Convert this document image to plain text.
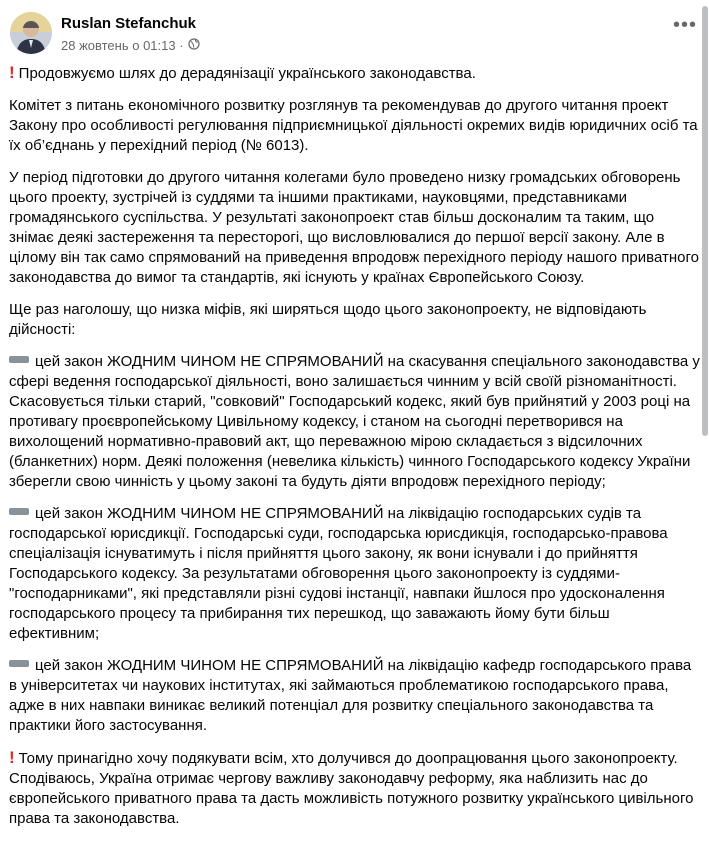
Ruslan Stefanchuk
28 жовтень о 01:13 ·
•••

! Продовжуємо шлях до дерадянізації українського законодавства.

Комітет з питань економічного розвитку розглянув та рекомендував до другого читання проект Закону про особливості регулювання підприємницької діяльності окремих видів юридичних осіб та їх об’єднань у перехідний період (№ 6013).

У період підготовки до другого читання колегами було проведено низку громадських обговорень цього проекту, зустрічей із суддями та іншими практиками, науковцями, представниками громадянського суспільства. У результаті законопроект став більш досконалим та таким, що знімає деякі застереження та пересторогі, що висловлювалися до першої версії закону. Але в цілому він так само спрямований на приведення впродовж перехідного періоду нашого приватного законодавства до вимог та стандартів, які існують у країнах Європейського Союзу.

Ще раз наголошу, що низка міфів, які ширяться щодо цього законопроекту, не відповідають дійсності:

цей закон ЖОДНИМ ЧИНОМ НЕ СПРЯМОВАНИЙ на скасування спеціального законодавства у сфері ведення господарської діяльності, воно залишається чинним у всій своїй різноманітності. Скасовується тільки старий, "совковий" Господарський кодекс, який був прийнятий у 2003 році на противагу проєвропейському Цивільному кодексу, і станом на сьогодні перетворився на вихолощений нормативно-правовий акт, що переважною мірою складається з відсилочних (бланкетних) норм. Деякі положення (невелика кількість) чинного Господарського кодексу України зберегли свою чинність у цьому законі та будуть діяти впродовж перехідного періоду;

цей закон ЖОДНИМ ЧИНОМ НЕ СПРЯМОВАНИЙ на ліквідацію господарських судів та господарської юрисдикції. Господарські суди, господарська юрисдикція, господарсько-правова спеціалізація існуватимуть і після прийняття цього закону, як вони існували і до прийняття Господарського кодексу. За результатами обговорення цього законопроекту із суддями-"господарниками", які представляли різні судові інстанції, навпаки йшлося про удосконалення господарського процесу та прибирання тих перешкод, що заважають йому бути більш ефективним;

цей закон ЖОДНИМ ЧИНОМ НЕ СПРЯМОВАНИЙ на ліквідацію кафедр господарського права в університетах чи наукових інститутах, які займаються проблематикою господарського права, адже в них навпаки виникає великий потенціал для розвитку спеціального законодавства та практики його застосування.

! Тому принагідно хочу подякувати всім, хто долучився до доопрацювання цього законопроекту. Сподіваюсь, Україна отримає чергову важливу законодавчу реформу, яка наблизить нас до європейського приватного права та дасть можливість потужного розвитку українського цивільного права та законодавства.
